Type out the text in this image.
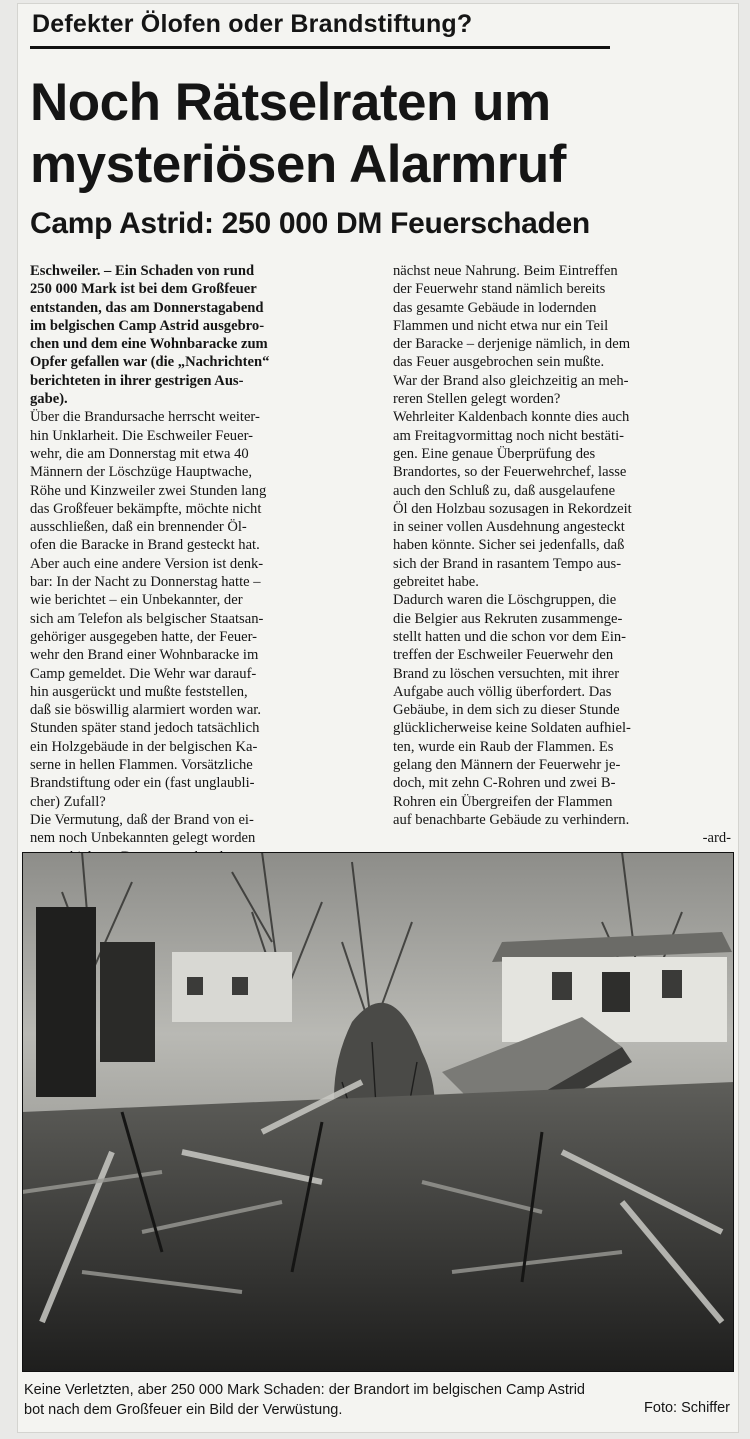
Defekter Ölofen oder Brandstiftung?
Noch Rätselraten um
mysteriösen Alarmruf
Camp Astrid: 250 000 DM Feuerschaden
Eschweiler. – Ein Schaden von rund
250 000 Mark ist bei dem Großfeuer
entstanden, das am Donnerstagabend
im belgischen Camp Astrid ausgebro-
chen und dem eine Wohnbaracke zum
Opfer gefallen war (die „Nachrichten“
berichteten in ihrer gestrigen Aus-
gabe).
Über die Brandursache herrscht weiter-
hin Unklarheit. Die Eschweiler Feuer-
wehr, die am Donnerstag mit etwa 40
Männern der Löschzüge Hauptwache,
Röhe und Kinzweiler zwei Stunden lang
das Großfeuer bekämpfte, möchte nicht
ausschließen, daß ein brennender Öl-
ofen die Baracke in Brand gesteckt hat.
Aber auch eine andere Version ist denk-
bar: In der Nacht zu Donnerstag hatte –
wie berichtet – ein Unbekannter, der
sich am Telefon als belgischer Staatsan-
gehöriger ausgegeben hatte, der Feuer-
wehr den Brand einer Wohnbaracke im
Camp gemeldet. Die Wehr war darauf-
hin ausgerückt und mußte feststellen,
daß sie böswillig alarmiert worden war.
Stunden später stand jedoch tatsächlich
ein Holzgebäude in der belgischen Ka-
serne in hellen Flammen. Vorsätzliche
Brandstiftung oder ein (fast unglaubli-
cher) Zufall?
Die Vermutung, daß der Brand von ei-
nem noch Unbekannten gelegt worden
nächst neue Nahrung. Beim Eintreffen
der Feuerwehr stand nämlich bereits
das gesamte Gebäude in lodernden
Flammen und nicht etwa nur ein Teil
der Baracke – derjenige nämlich, in dem
das Feuer ausgebrochen sein mußte.
War der Brand also gleichzeitig an meh-
reren Stellen gelegt worden?
Wehrleiter Kaldenbach konnte dies auch
am Freitagvormittag noch nicht bestäti-
gen. Eine genaue Überprüfung des
Brandortes, so der Feuerwehrchef, lasse
auch den Schluß zu, daß ausgelaufene
Öl den Holzbau sozusagen in Rekordzeit
in seiner vollen Ausdehnung angesteckt
haben könnte. Sicher sei jedenfalls, daß
sich der Brand in rasantem Tempo aus-
gebreitet habe.
Dadurch waren die Löschgruppen, die
die Belgier aus Rekruten zusammenge-
stellt hatten und die schon vor dem Ein-
treffen der Eschweiler Feuerwehr den
Brand zu löschen versuchten, mit ihrer
Aufgabe auch völlig überfordert. Das
Gebäube, in dem sich zu dieser Stunde
glücklicherweise keine Soldaten aufhiel-
ten, wurde ein Raub der Flammen. Es
gelang den Männern der Feuerwehr je-
doch, mit zehn C-Rohren und zwei B-
Rohren ein Übergreifen der Flammen
auf benachbarte Gebäude zu verhindern.
-ard-
Keine Verletzten, aber 250 000 Mark Schaden: der Brandort im belgischen Camp Astrid
bot nach dem Großfeuer ein Bild der Verwüstung.	Foto: Schiffer
